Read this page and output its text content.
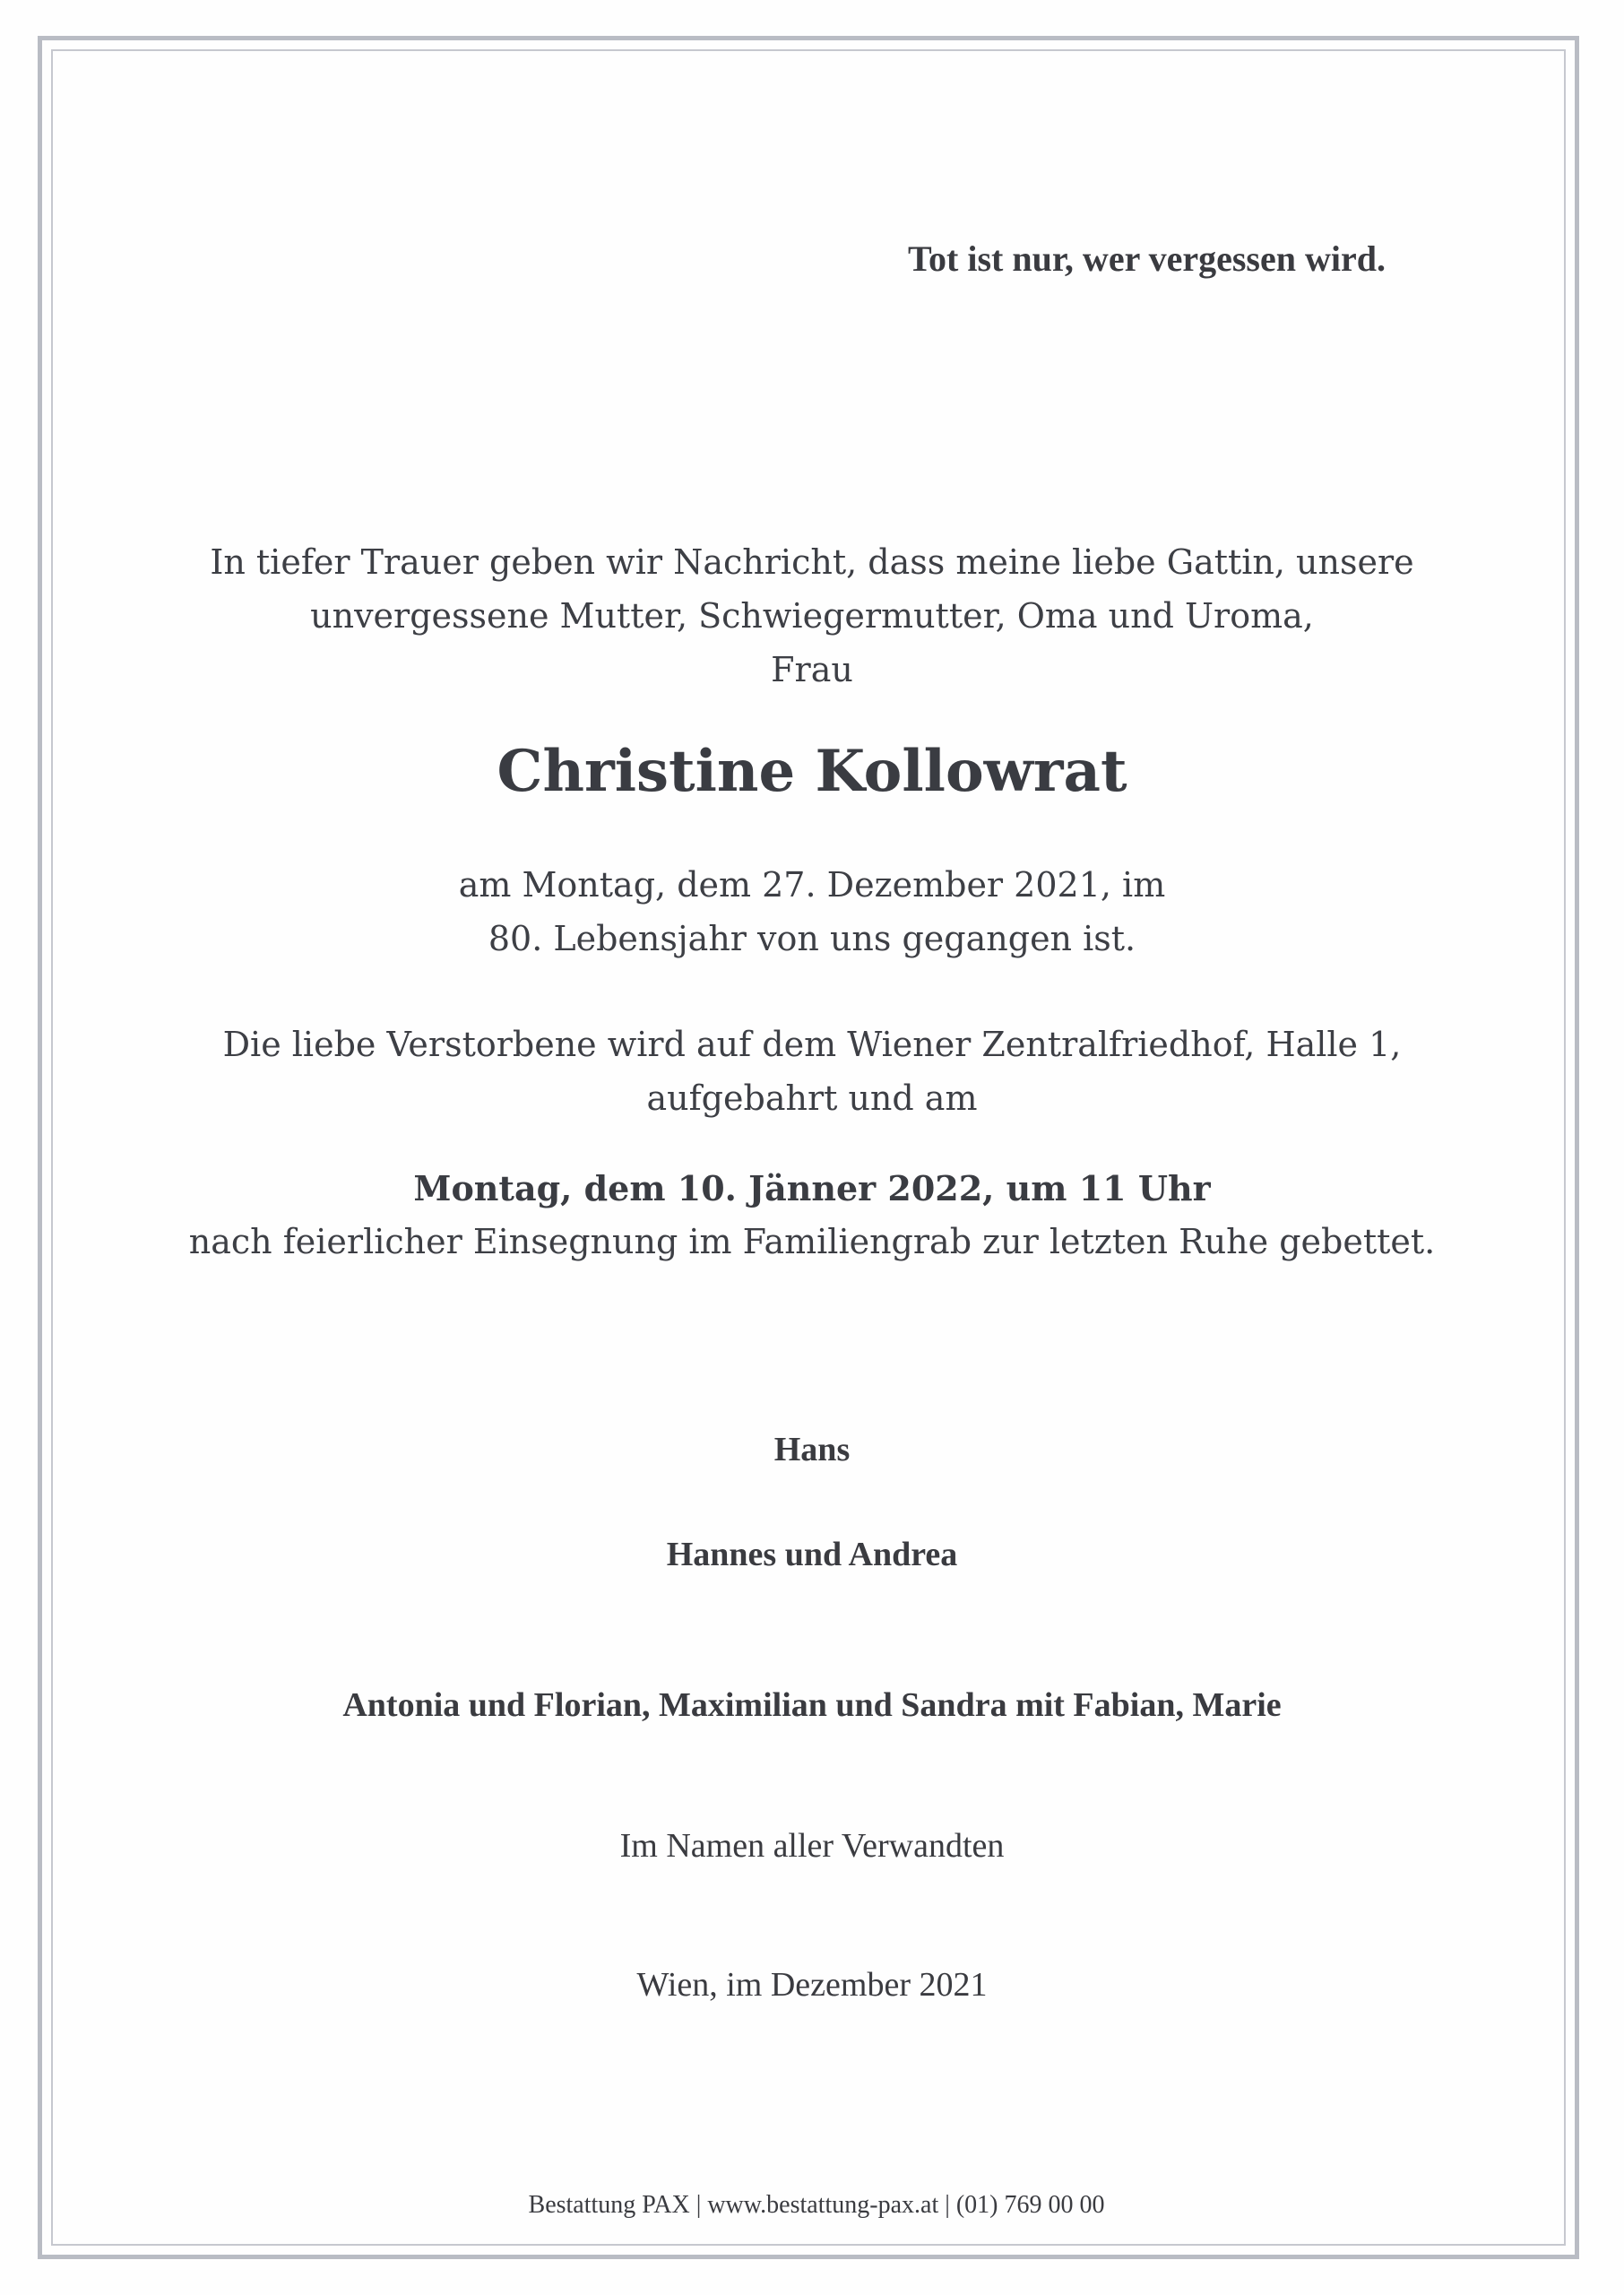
Tot ist nur, wer vergessen wird.
In tiefer Trauer geben wir Nachricht, dass meine liebe Gattin, unsere
unvergessene Mutter, Schwiegermutter, Oma und Uroma,
Frau
Christine Kollowrat
am Montag, dem 27. Dezember 2021, im
80. Lebensjahr von uns gegangen ist.
Die liebe Verstorbene wird auf dem Wiener Zentralfriedhof, Halle 1,
aufgebahrt und am
Montag, dem 10. Jänner 2022, um 11 Uhr
nach feierlicher Einsegnung im Familiengrab zur letzten Ruhe gebettet.
Hans
Hannes und Andrea
Antonia und Florian, Maximilian und Sandra mit Fabian, Marie
Im Namen aller Verwandten
Wien, im Dezember 2021
Bestattung PAX | www.bestattung-pax.at | (01) 769 00 00
